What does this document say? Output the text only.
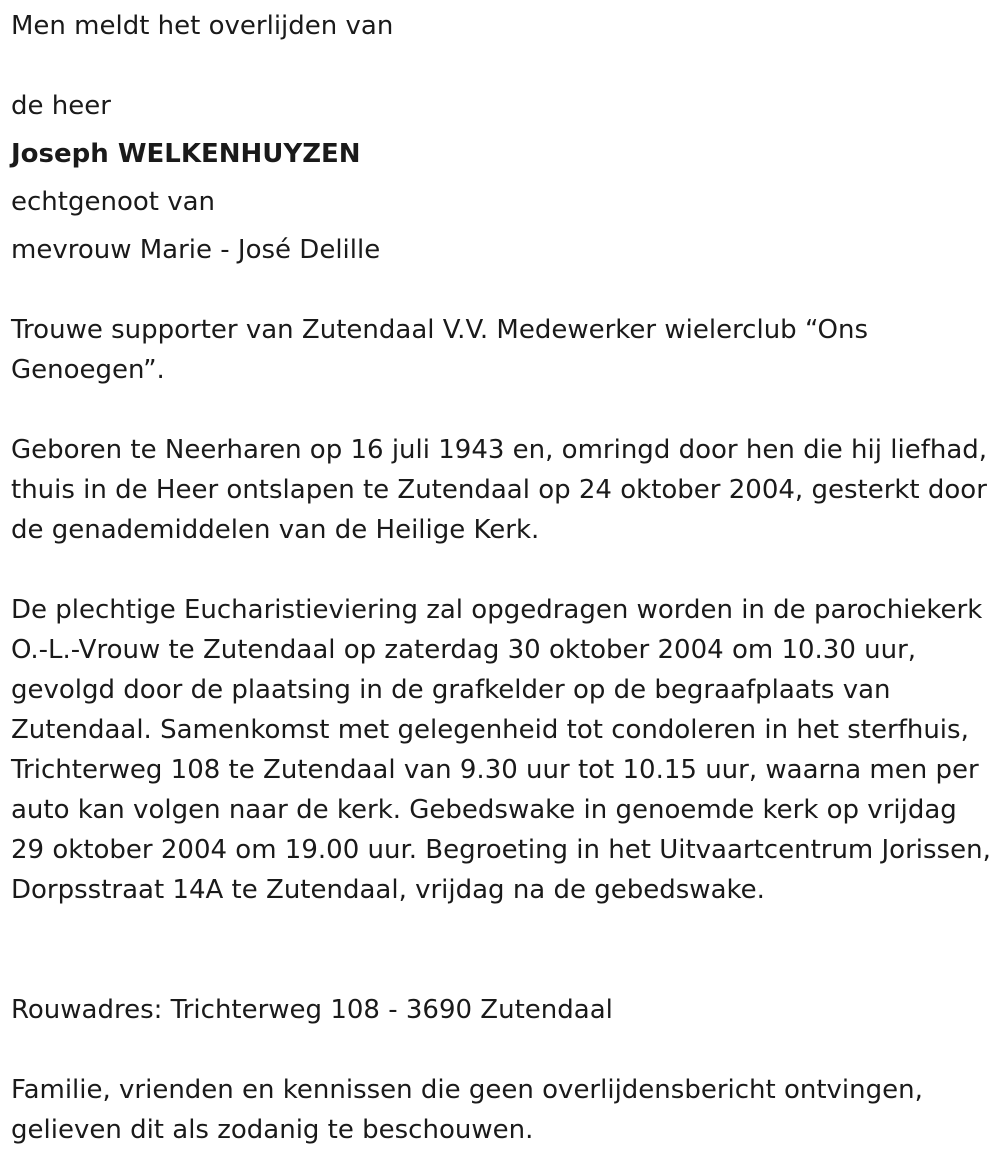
Men meldt het overlijden van
de heer
Joseph WELKENHUYZEN
echtgenoot van
mevrouw Marie - José Delille
Trouwe supporter van Zutendaal V.V. Medewerker wielerclub “Ons Genoegen”.
Geboren te Neerharen op 16 juli 1943 en, omringd door hen die hij liefhad, thuis in de Heer ontslapen te Zutendaal op 24 oktober 2004, gesterkt door de genademiddelen van de Heilige Kerk.
De plechtige Eucharistieviering zal opgedragen worden in de parochiekerk O.-L.-Vrouw te Zutendaal op zaterdag 30 oktober 2004 om 10.30 uur, gevolgd door de plaatsing in de grafkelder op de begraafplaats van Zutendaal. Samenkomst met gelegenheid tot condoleren in het sterfhuis, Trichterweg 108 te Zutendaal van 9.30 uur tot 10.15 uur, waarna men per auto kan volgen naar de kerk. Gebedswake in genoemde kerk op vrijdag 29 oktober 2004 om 19.00 uur. Begroeting in het Uitvaartcentrum Jorissen, Dorpsstraat 14A te Zutendaal, vrijdag na de gebedswake.
Rouwadres: Trichterweg 108 - 3690 Zutendaal
Familie, vrienden en kennissen die geen overlijdensbericht ontvingen, gelieven dit als zodanig te beschouwen.
